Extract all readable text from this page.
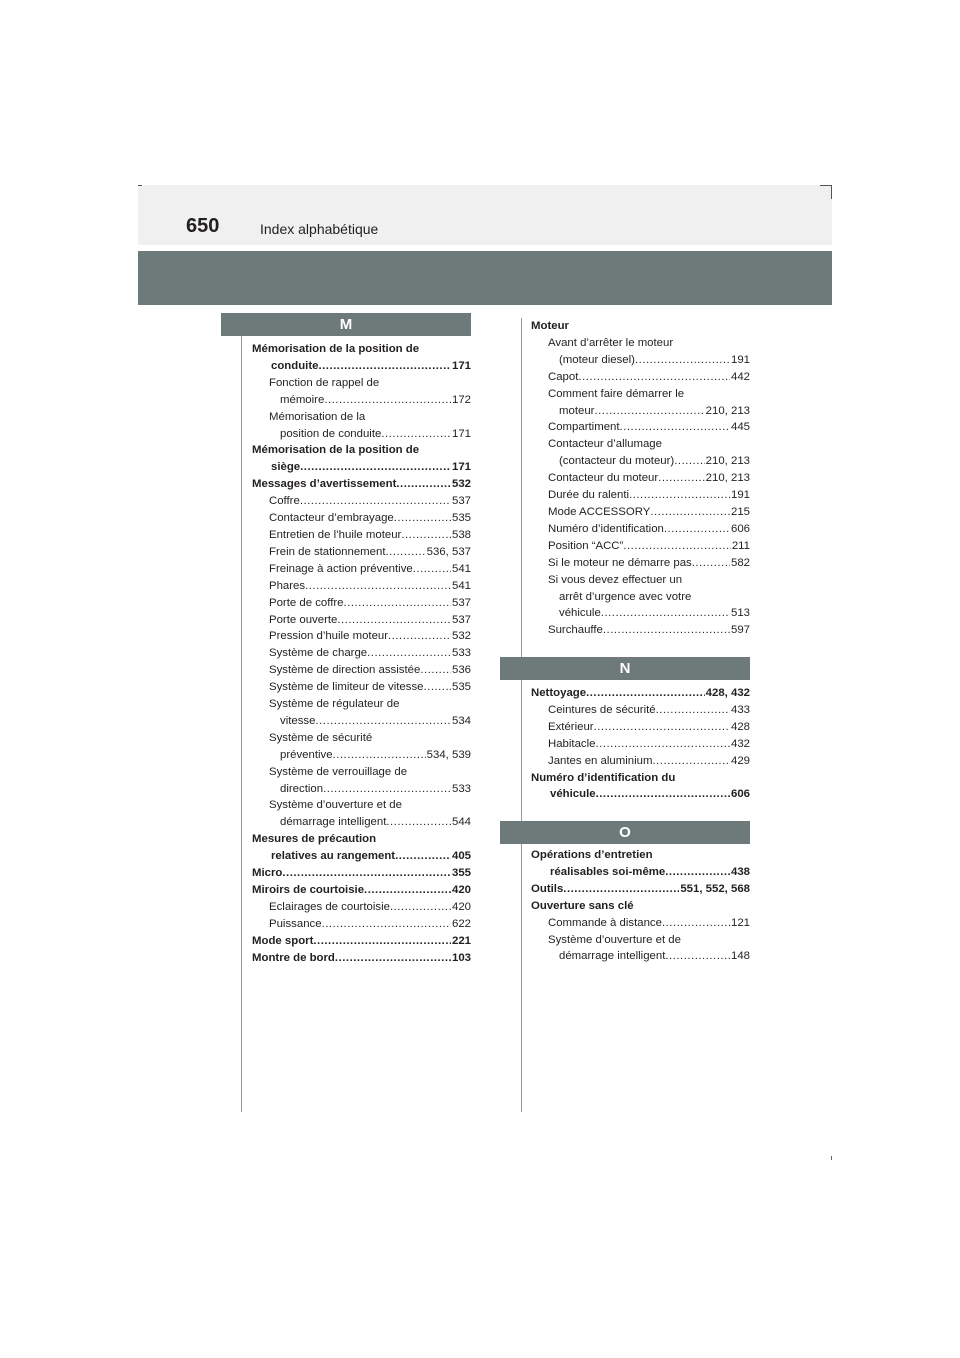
650	Index alphabétique
M
N
O
Mémorisation de la position de
conduite .....	171
Fonction de rappel de
mémoire .....	172
Mémorisation de la
position de conduite .....	171
Mémorisation de la position de
siège .....	171
Messages d’avertissement .....	532
Coffre .....	537
Contacteur d’embrayage .....	535
Entretien de l’huile moteur .....	538
Frein de stationnement .....	536, 537
Freinage à action préventive .....	541
Phares .....	541
Porte de coffre .....	537
Porte ouverte .....	537
Pression d’huile moteur .....	532
Système de charge .....	533
Système de direction assistée .....	536
Système de limiteur de vitesse .....	535
Système de régulateur de
vitesse .....	534
Système de sécurité
préventive .....	534, 539
Système de verrouillage de
direction .....	533
Système d’ouverture et de
démarrage intelligent .....	544
Mesures de précaution
relatives au rangement .....	405
Micro .....	355
Miroirs de courtoisie .....	420
Eclairages de courtoisie .....	420
Puissance .....	622
Mode sport .....	221
Montre de bord .....	103
Moteur
Avant d’arrêter le moteur
(moteur diesel) .....	191
Capot .....	442
Comment faire démarrer le
moteur .....	210, 213
Compartiment .....	445
Contacteur d’allumage
(contacteur du moteur) .....	210, 213
Contacteur du moteur .....	210, 213
Durée du ralenti .....	191
Mode ACCESSORY .....	215
Numéro d’identification .....	606
Position “ACC” .....	211
Si le moteur ne démarre pas .....	582
Si vous devez effectuer un
arrêt d’urgence avec votre
véhicule .....	513
Surchauffe .....	597
Nettoyage .....	428, 432
Ceintures de sécurité .....	433
Extérieur .....	428
Habitacle .....	432
Jantes en aluminium .....	429
Numéro d’identification du
véhicule .....	606
Opérations d’entretien
réalisables soi-même .....	438
Outils .....	551, 552, 568
Ouverture sans clé
Commande à distance .....	121
Système d’ouverture et de
démarrage intelligent .....	148
